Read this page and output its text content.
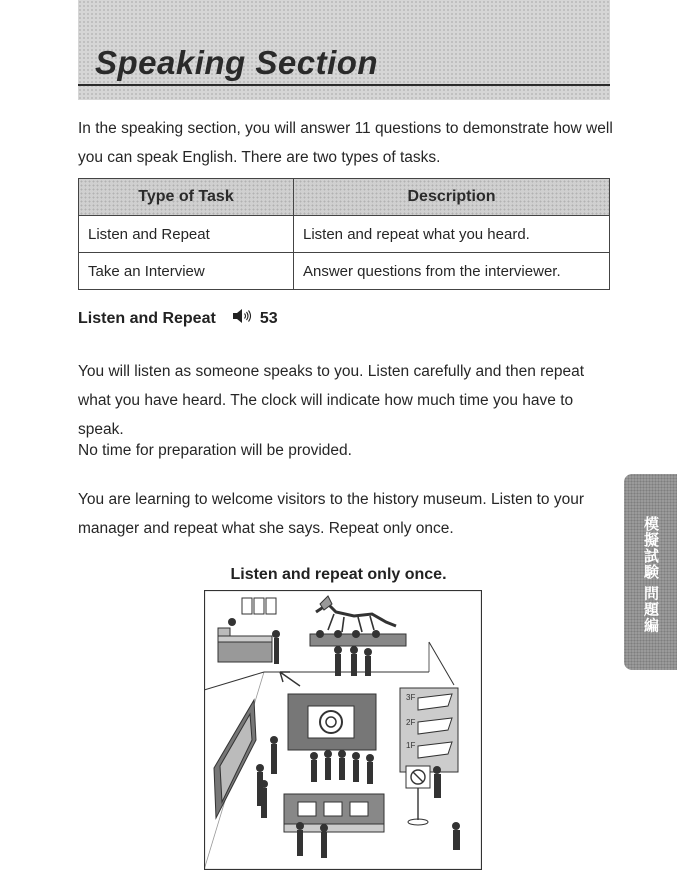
Speaking Section

In the speaking section, you will answer 11 questions to demonstrate how well you can speak English. There are two types of tasks.

Type of Task	Description
Listen and Repeat	Listen and repeat what you heard.
Take an Interview	Answer questions from the interviewer.
Listen and Repeat	53

You will listen as someone speaks to you. Listen carefully and then repeat what you have heard. The clock will indicate how much time you have to speak.

No time for preparation will be provided.

You are learning to welcome visitors to the history museum. Listen to your manager and repeat what she says. Repeat only once.

Listen and repeat only once.	模擬試験 問題編
3F
2F
1F
